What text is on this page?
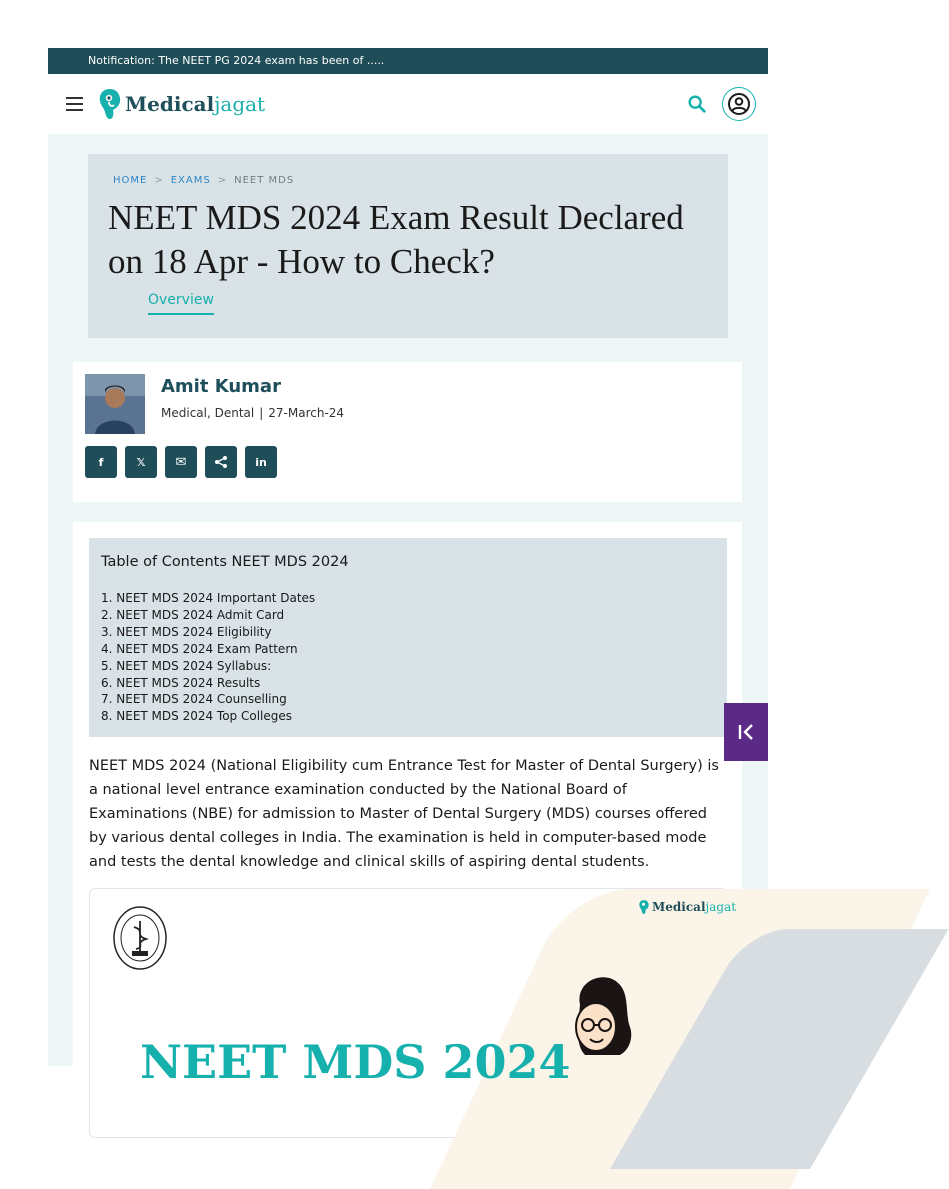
Notification: The NEET PG 2024 exam has been of .....
Medicaljagat
HOME > EXAMS > NEET MDS
NEET MDS 2024 Exam Result Declared on 18 Apr - How to Check?
Overview
Amit Kumar
Medical, Dental | 27-March-24
f	𝕏 ✉	in
Table of Contents NEET MDS 2024
1. NEET MDS 2024 Important Dates
2. NEET MDS 2024 Admit Card
3. NEET MDS 2024 Eligibility
4. NEET MDS 2024 Exam Pattern
5. NEET MDS 2024 Syllabus:
6. NEET MDS 2024 Results
7. NEET MDS 2024 Counselling
8. NEET MDS 2024 Top Colleges

NEET MDS 2024 (National Eligibility cum Entrance Test for Master of Dental Surgery) is a national level entrance examination conducted by the National Board of Examinations (NBE) for admission to Master of Dental Surgery (MDS) courses offered by various dental colleges in India. The examination is held in computer-based mode and tests the dental knowledge and clinical skills of aspiring dental students.

Medicaljagat
NEET MDS 2024
